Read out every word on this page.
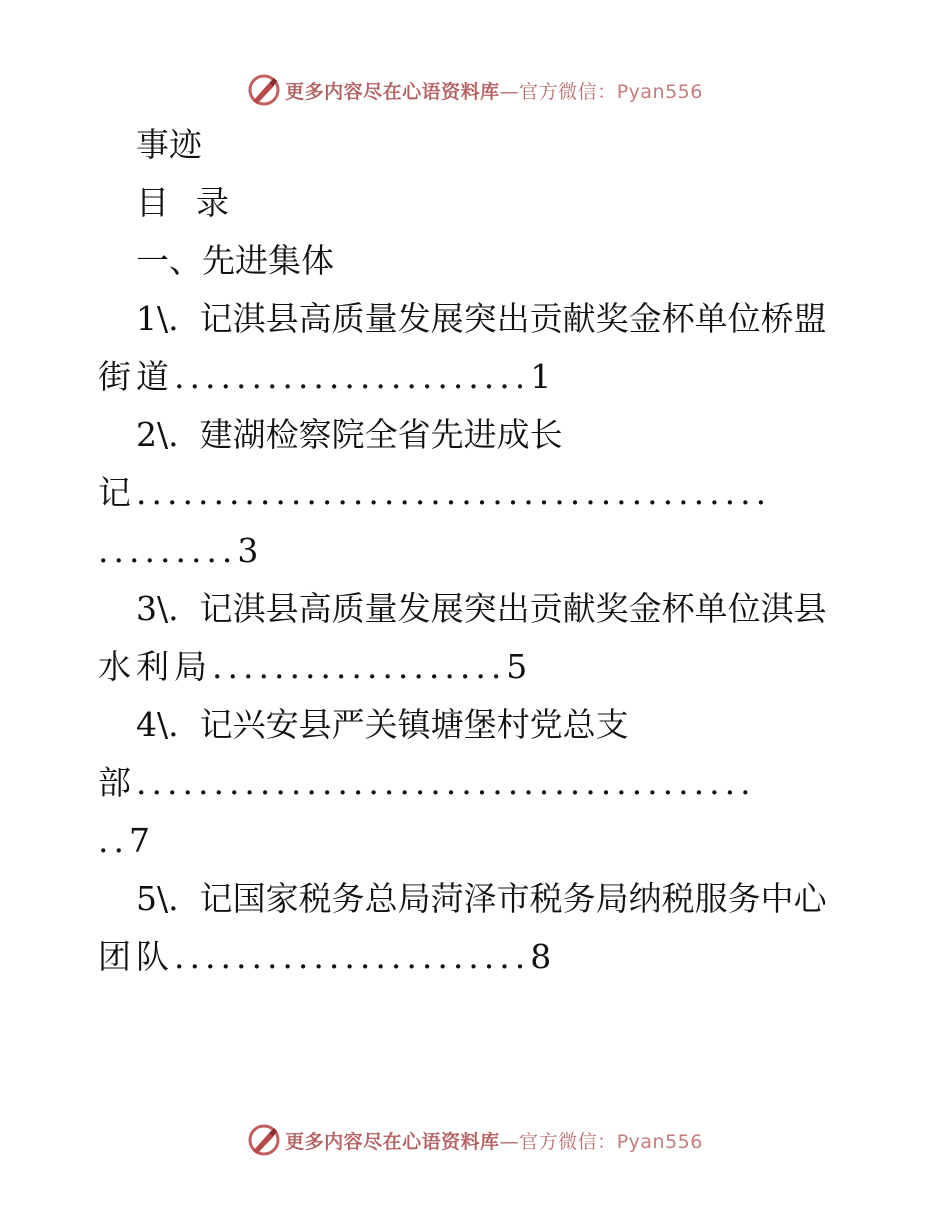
更多内容尽在心语资料库—官方微信：Pyan556
事迹
目  录
一、先进集体
1\.  记淇县高质量发展突出贡献奖金杯单位桥盟
街道.......................1
2\.  建湖检察院全省先进成长
记.........................................
.........3
3\.  记淇县高质量发展突出贡献奖金杯单位淇县
水利局...................5
4\.  记兴安县严关镇塘堡村党总支
部........................................
..7
5\.  记国家税务总局菏泽市税务局纳税服务中心
团队.......................8
更多内容尽在心语资料库—官方微信：Pyan556
